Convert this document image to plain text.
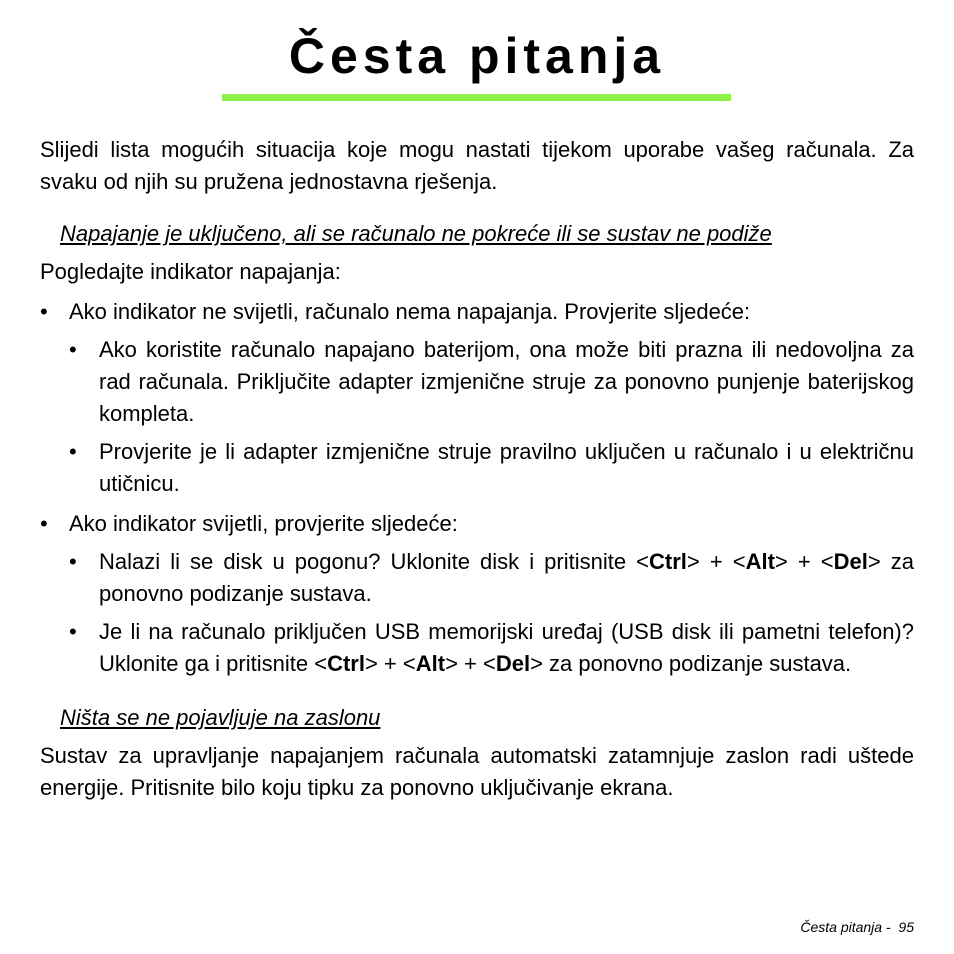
Česta pitanja

Slijedi lista mogućih situacija koje mogu nastati tijekom uporabe vašeg računala. Za svaku od njih su pružena jednostavna rješenja.

Napajanje je uključeno, ali se računalo ne pokreće ili se sustav ne podiže

Pogledajte indikator napajanja:

• Ako indikator ne svijetli, računalo nema napajanja. Provjerite sljedeće:
• Ako koristite računalo napajano baterijom, ona može biti prazna ili nedovoljna za rad računala. Priključite adapter izmjenične struje za ponovno punjenje baterijskog kompleta.
• Provjerite je li adapter izmjenične struje pravilno uključen u računalo i u električnu utičnicu.
• Ako indikator svijetli, provjerite sljedeće:
• Nalazi li se disk u pogonu? Uklonite disk i pritisnite <Ctrl> + <Alt> + <Del> za ponovno podizanje sustava.
• Je li na računalo priključen USB memorijski uređaj (USB disk ili pametni telefon)? Uklonite ga i pritisnite <Ctrl> + <Alt> + <Del> za ponovno podizanje sustava.

Ništa se ne pojavljuje na zaslonu

Sustav za upravljanje napajanjem računala automatski zatamnjuje zaslon radi uštede energije. Pritisnite bilo koju tipku za ponovno uključivanje ekrana.

Česta pitanja - 95
